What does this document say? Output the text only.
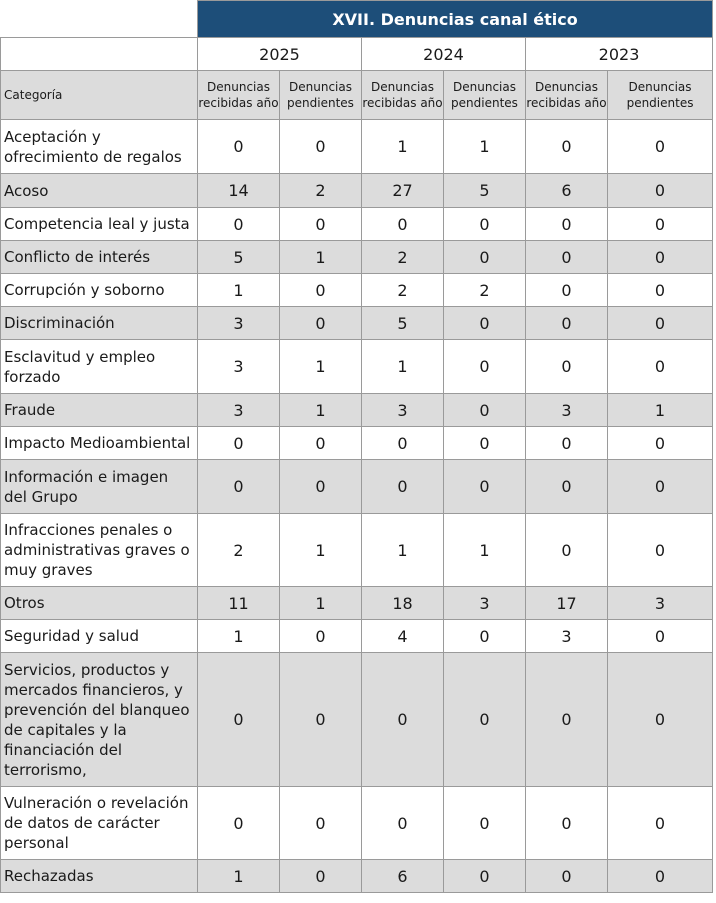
	XVII. Denuncias canal ético					
	2025		2024		2023	
Categoría	Denuncias recibidas año	Denuncias pendientes	Denuncias recibidas año	Denuncias pendientes	Denuncias recibidas año	Denuncias pendientes
Aceptación y ofrecimiento de regalos	0	0	1	1	0	0
Acoso	14	2	27	5	6	0
Competencia leal y justa	0	0	0	0	0	0
Conflicto de interés	5	1	2	0	0	0
Corrupción y soborno	1	0	2	2	0	0
Discriminación	3	0	5	0	0	0
Esclavitud y empleo forzado	3	1	1	0	0	0
Fraude	3	1	3	0	3	1
Impacto Medioambiental	0	0	0	0	0	0
Información e imagen del Grupo	0	0	0	0	0	0
Infracciones penales o administrativas graves o muy graves	2	1	1	1	0	0
Otros	11	1	18	3	17	3
Seguridad y salud	1	0	4	0	3	0
Servicios, productos y mercados financieros, y prevención del blanqueo de capitales y la financiación del terrorismo,	0	0	0	0	0	0
Vulneración o revelación de datos de carácter personal	0	0	0	0	0	0
Rechazadas	1	0	6	0	0	0
